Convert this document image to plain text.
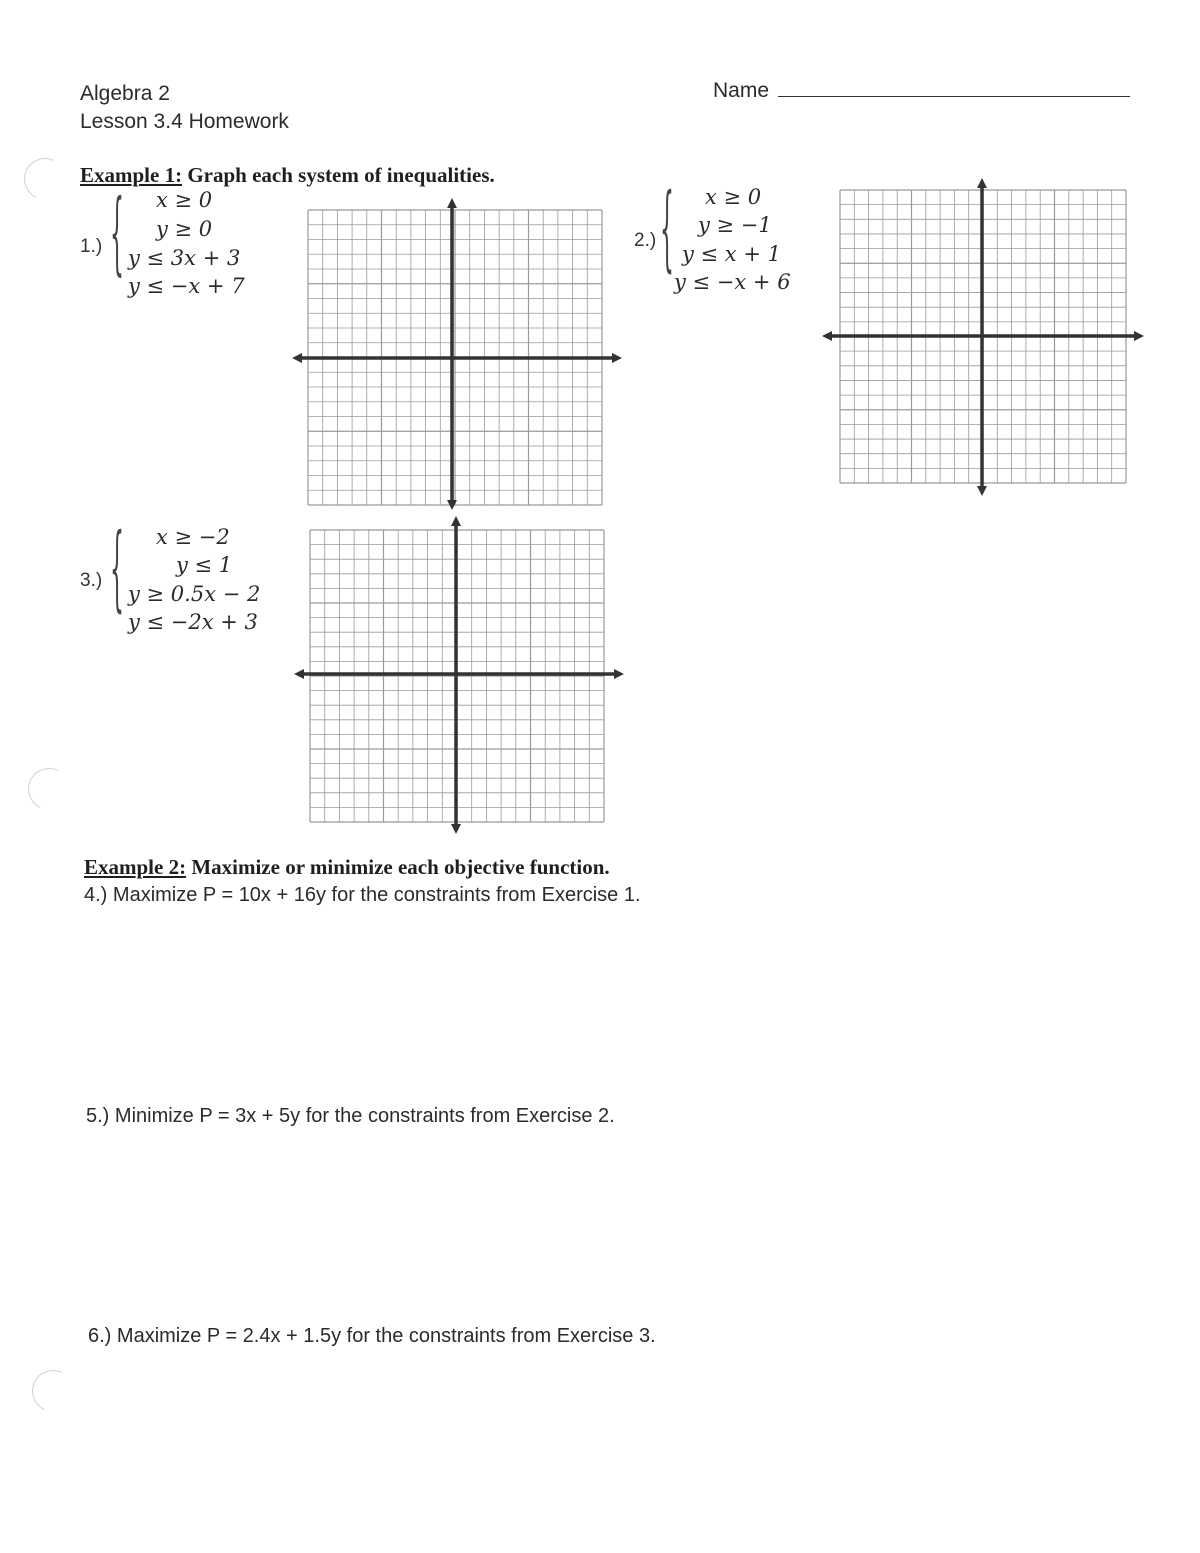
Algebra 2
Lesson 3.4 Homework
Name
Example 1: Graph each system of inequalities.
1.) { x ≥ 0
y ≥ 0
y ≤ 3x + 3
y ≤ −x + 7
2.) { x ≥ 0
y ≥ −1
y ≤ x + 1
y ≤ −x + 6
3.) { x ≥ −2
y ≤ 1
y ≥ 0.5x − 2
y ≤ −2x + 3
Example 2: Maximize or minimize each objective function.
4.) Maximize P = 10x + 16y for the constraints from Exercise 1.
5.) Minimize P = 3x + 5y for the constraints from Exercise 2.
6.) Maximize P = 2.4x + 1.5y for the constraints from Exercise 3.
